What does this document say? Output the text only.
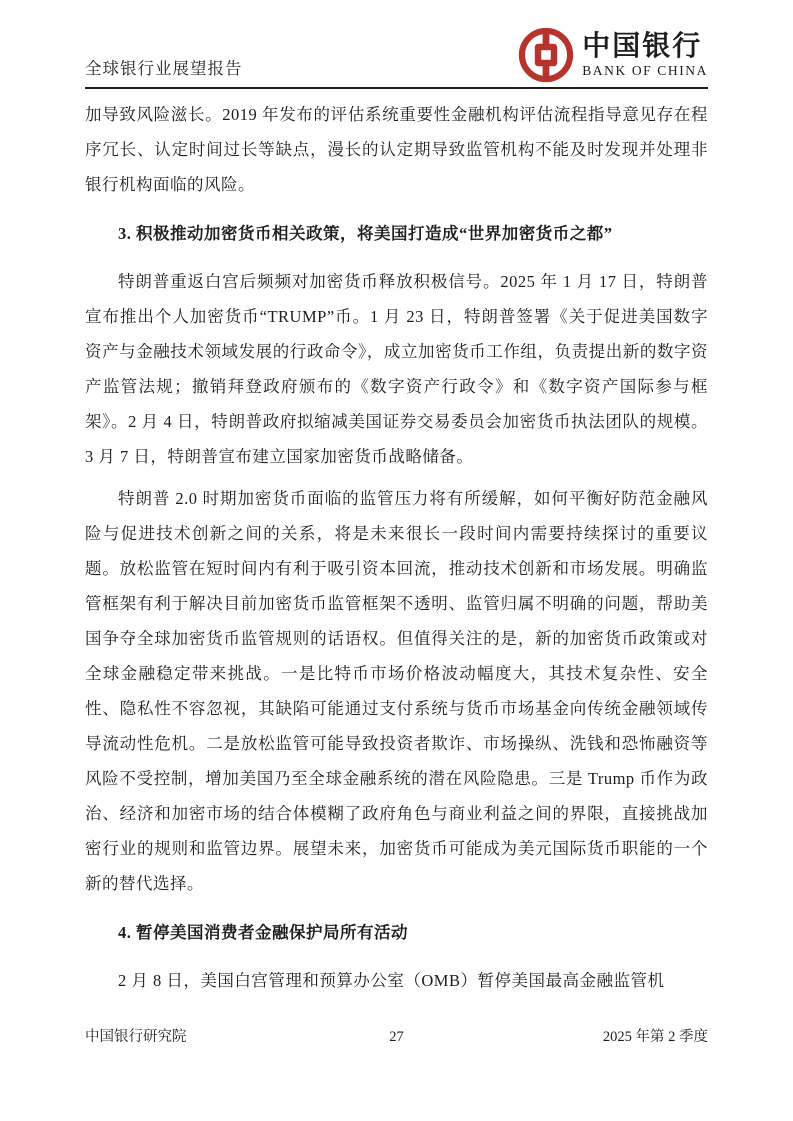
全球银行业展望报告
中国银行
BANK OF CHINA

加导致风险滋长。2019 年发布的评估系统重要性金融机构评估流程指导意见存在程序冗长、认定时间过长等缺点，漫长的认定期导致监管机构不能及时发现并处理非银行机构面临的风险。

3. 积极推动加密货币相关政策，将美国打造成“世界加密货币之都”

特朗普重返白宫后频频对加密货币释放积极信号。2025 年 1 月 17 日，特朗普宣布推出个人加密货币“TRUMP”币。1 月 23 日，特朗普签署《关于促进美国数字资产与金融技术领域发展的行政命令》，成立加密货币工作组，负责提出新的数字资产监管法规；撤销拜登政府颁布的《数字资产行政令》和《数字资产国际参与框架》。2 月 4 日，特朗普政府拟缩减美国证券交易委员会加密货币执法团队的规模。3 月 7 日，特朗普宣布建立国家加密货币战略储备。

特朗普 2.0 时期加密货币面临的监管压力将有所缓解，如何平衡好防范金融风险与促进技术创新之间的关系，将是未来很长一段时间内需要持续探讨的重要议题。放松监管在短时间内有利于吸引资本回流，推动技术创新和市场发展。明确监管框架有利于解决目前加密货币监管框架不透明、监管归属不明确的问题，帮助美国争夺全球加密货币监管规则的话语权。但值得关注的是，新的加密货币政策或对全球金融稳定带来挑战。一是比特币市场价格波动幅度大，其技术复杂性、安全性、隐私性不容忽视，其缺陷可能通过支付系统与货币市场基金向传统金融领域传导流动性危机。二是放松监管可能导致投资者欺诈、市场操纵、洗钱和恐怖融资等风险不受控制，增加美国乃至全球金融系统的潜在风险隐患。三是 Trump 币作为政治、经济和加密市场的结合体模糊了政府角色与商业利益之间的界限，直接挑战加密行业的规则和监管边界。展望未来，加密货币可能成为美元国际货币职能的一个新的替代选择。

4. 暂停美国消费者金融保护局所有活动

2 月 8 日，美国白宫管理和预算办公室（OMB）暂停美国最高金融监管机

中国银行研究院	27	2025 年第 2 季度
